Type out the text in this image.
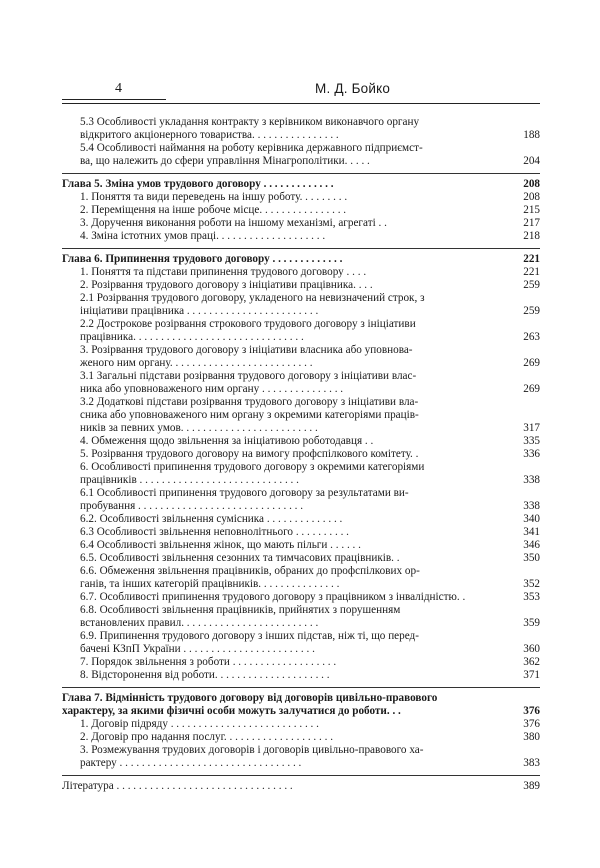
4	М. Д. Бойко
5.3 Особливості укладання контракту з керівником виконавчого органу
відкритого акціонерного товариства. . . . . . . . . . . . . . . .	188
5.4 Особливості наймання на роботу керівника державного підприємст-
ва, що належить до сфери управління Мінагрополітики. . . . .	204
Глава 5. Зміна умов трудового договору . . . . . . . . . . . . .	208
1. Поняття та види переведень на іншу роботу. . . . . . . . .	208
2. Переміщення на інше робоче місце. . . . . . . . . . . . . . . .	215
3. Доручення виконання роботи на іншому механізмі, агрегаті . .	217
4. Зміна істотних умов праці. . . . . . . . . . . . . . . . . . . .	218
Глава 6. Припинення трудового договору . . . . . . . . . . . . .	221
1. Поняття та підстави припинення трудового договору . . . .	221
2. Розірвання трудового договору з ініціативи працівника. . . .	259
2.1 Розірвання трудового договору, укладеного на невизначений строк, з
ініціативи працівника . . . . . . . . . . . . . . . . . . . . . . . .	259
2.2 Дострокове розірвання строкового трудового договору з ініціативи
працівника. . . . . . . . . . . . . . . . . . . . . . . . . . . . . . .	263
3. Розірвання трудового договору з ініціативи власника або уповнова-
женого ним органу. . . . . . . . . . . . . . . . . . . . . . . . . .	269
3.1 Загальні підстави розірвання трудового договору з ініціативи влас-
ника або уповноваженого ним органу . . . . . . . . . . . . . . .	269
3.2 Додаткові підстави розірвання трудового договору з ініціативи вла-
сника або уповноваженого ним органу з окремими категоріями праців-
ників за певних умов. . . . . . . . . . . . . . . . . . . . . . . . .	317
4. Обмеження щодо звільнення за ініціативою роботодавця . .	335
5. Розірвання трудового договору на вимогу профспілкового комітету. .	336
6. Особливості припинення трудового договору з окремими категоріями
працівників . . . . . . . . . . . . . . . . . . . . . . . . . . . . .	338
6.1 Особливості припинення трудового договору за результатами ви-
пробування . . . . . . . . . . . . . . . . . . . . . . . . . . . . . .	338
6.2. Особливості звільнення сумісника . . . . . . . . . . . . . .	340
6.3 Особливості звільнення неповнолітнього . . . . . . . . . .	341
6.4 Особливості звільнення жінок, що мають пільги . . . . . .	346
6.5. Особливості звільнення сезонних та тимчасових працівників. .	350
6.6. Обмеження звільнення працівників, обраних до профспілкових ор-
ганів, та інших категорій працівників. . . . . . . . . . . . . . .	352
6.7. Особливості припинення трудового договору з працівником з інвалідністю. .	353
6.8. Особливості звільнення працівників, прийнятих з порушенням
встановлених правил. . . . . . . . . . . . . . . . . . . . . . . . .	359
6.9. Припинення трудового договору з інших підстав, ніж ті, що перед-
бачені КЗпП України . . . . . . . . . . . . . . . . . . . . . . . .	360
7. Порядок звільнення з роботи . . . . . . . . . . . . . . . . . . .	362
8. Відсторонення від роботи. . . . . . . . . . . . . . . . . . . . .	371
Глава 7. Відмінність трудового договору від договорів цивільно-правового
характеру, за якими фізичні особи можуть залучатися до роботи. . .	376
1. Договір підряду . . . . . . . . . . . . . . . . . . . . . . . . . . .	376
2. Договір про надання послуг. . . . . . . . . . . . . . . . . . . .	380
3. Розмежування трудових договорів і договорів цивільно-правового ха-
рактеру . . . . . . . . . . . . . . . . . . . . . . . . . . . . . . . . .	383
Література . . . . . . . . . . . . . . . . . . . . . . . . . . . . . . . .	389
